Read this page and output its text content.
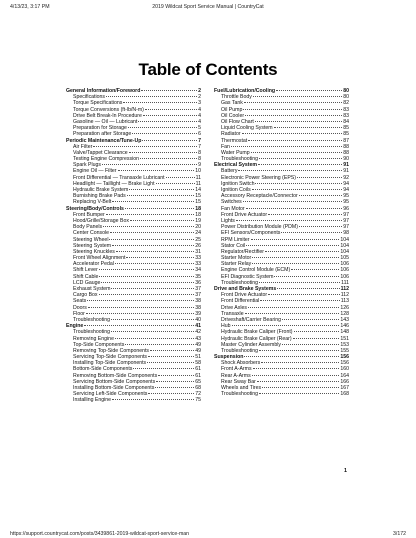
4/13/23, 3:17 PM	2019 Wildcat Sport Service Manual | CountryCat
Table of Contents
General Information/Foreword	2
Specifications	2
Torque Specifications	3
Torque Conversions (ft-lb/N-m)	4
Drive Belt Break-In Procedure	4
Gasoline — Oil — Lubricant	4
Preparation for Storage	5
Preparation after Storage	6
Periodic Maintenance/Tune-Up	7
Air Filter	7
Valve/Tappet Clearance	8
Testing Engine Compression	8
Spark Plugs	9
Engine Oil — Filter	10
Front Differential — Transaxle Lubricant	11
Headlight — Taillight — Brake Light	11
Hydraulic Brake System	14
Burnishing Brake Pads	15
Replacing V-Belt	15
Steering/Body/Controls	18
Front Bumper	18
Hood/Grille/Storage Box	19
Body Panels	20
Center Console	24
Steering Wheel	25
Steering System	26
Steering Knuckles	31
Front Wheel Alignment	33
Accelerator Pedal	33
Shift Lever	34
Shift Cable	35
LCD Gauge	36
Exhaust System	37
Cargo Box	37
Seats	38
Doors	38
Floor	39
Troubleshooting	40
Engine	41
Troubleshooting	42
Removing Engine	43
Top-Side Components	49
Removing Top-Side Components	49
Servicing Top-Side Components	51
Installing Top-Side Components	58
Bottom-Side Components	61
Removing Bottom-Side Components	61
Servicing Bottom-Side Components	65
Installing Bottom-Side Components	68
Servicing Left-Side Components	72
Installing Engine	75
Fuel/Lubrication/Cooling	80
Throttle Body	80
Gas Tank	82
Oil Pump	83
Oil Cooler	83
Oil Flow Chart	84
Liquid Cooling System	85
Radiator	85
Thermostat	87
Fan	88
Water Pump	88
Troubleshooting	90
Electrical System	91
Battery	91
Electronic Power Steering (EPS)	92
Ignition Switch	94
Ignition Coils	94
Accessory Receptacle/Connector	95
Switches	95
Fan Motor	96
Front Drive Actuator	97
Lights	97
Power Distribution Module (PDM)	97
EFI Sensors/Components	98
RPM Limiter	104
Stator Coil	104
Regulator/Rectifier	104
Starter Motor	105
Starter Relay	106
Engine Control Module (ECM)	106
EFI Diagnostic System	106
Troubleshooting	111
Drive and Brake Systems	112
Front Drive Actuator	112
Front Differential	113
Drive Axles	126
Transaxle	128
Driveshaft/Carrier Bearing	143
Hub	146
Hydraulic Brake Caliper (Front)	148
Hydraulic Brake Caliper (Rear)	151
Master Cylinder Assembly	153
Troubleshooting	155
Suspension	156
Shock Absorbers	156
Front A-Arms	160
Rear A-Arms	164
Rear Sway Bar	166
Wheels and Tires	167
Troubleshooting	168
1
https://support.countrycat.com/posts/3439861-2019-wildcat-sport-service-man	3/172
